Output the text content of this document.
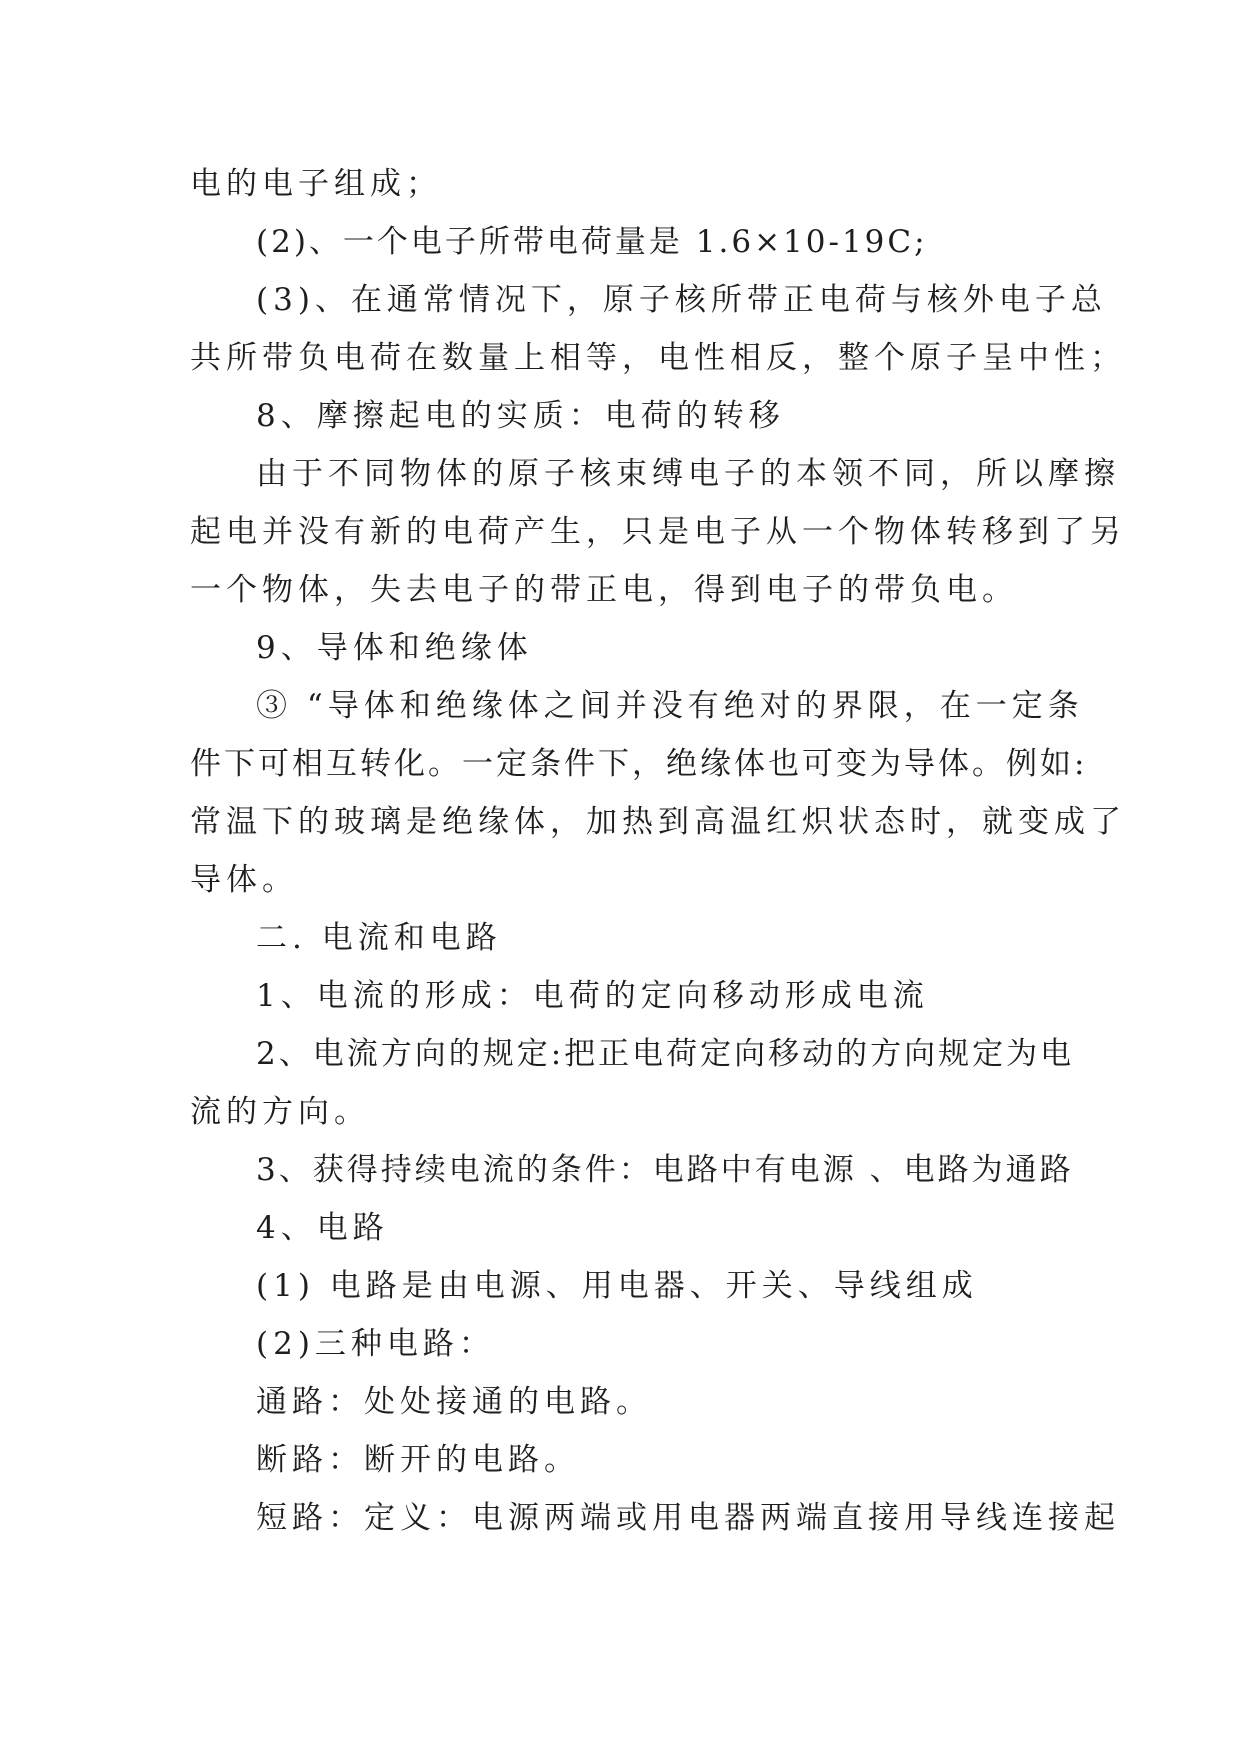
电的电子组成；

(2)、一个电子所带电荷量是 1.6×10-19C;

(3)、在通常情况下，原子核所带正电荷与核外电子总

共所带负电荷在数量上相等，电性相反，整个原子呈中性；

8、摩擦起电的实质：电荷的转移

由于不同物体的原子核束缚电子的本领不同，所以摩擦

起电并没有新的电荷产生，只是电子从一个物体转移到了另

一个物体，失去电子的带正电，得到电子的带负电。

9、导体和绝缘体

③ “导体和绝缘体之间并没有绝对的界限，在一定条

件下可相互转化。一定条件下，绝缘体也可变为导体。例如:

常温下的玻璃是绝缘体，加热到高温红炽状态时，就变成了

导体。

二. 电流和电路

1、电流的形成：电荷的定向移动形成电流

2、电流方向的规定:把正电荷定向移动的方向规定为电

流的方向。

3、获得持续电流的条件：电路中有电源 、电路为通路

4、电路

(1) 电路是由电源、用电器、开关、导线组成

(2)三种电路：

通路：处处接通的电路。

断路：断开的电路。

短路：定义：电源两端或用电器两端直接用导线连接起
